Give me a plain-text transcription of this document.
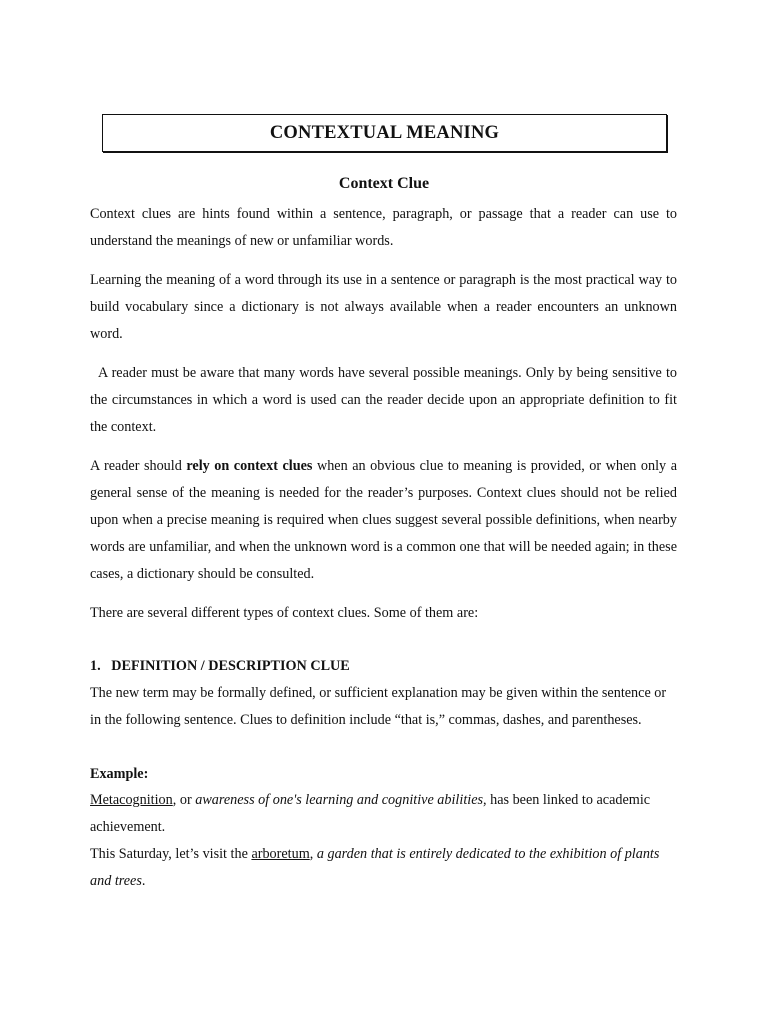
CONTEXTUAL MEANING
Context Clue

Context clues are hints found within a sentence, paragraph, or passage that a reader can use to understand the meanings of new or unfamiliar words.

Learning the meaning of a word through its use in a sentence or paragraph is the most practical way to build vocabulary since a dictionary is not always available when a reader encounters an unknown word.

A reader must be aware that many words have several possible meanings. Only by being sensitive to the circumstances in which a word is used can the reader decide upon an appropriate definition to fit the context.

A reader should rely on context clues when an obvious clue to meaning is provided, or when only a general sense of the meaning is needed for the reader’s purposes. Context clues should not be relied upon when a precise meaning is required when clues suggest several possible definitions, when nearby words are unfamiliar, and when the unknown word is a common one that will be needed again; in these cases, a dictionary should be consulted.

There are several different types of context clues. Some of them are:

1.   DEFINITION / DESCRIPTION CLUE

The new term may be formally defined, or sufficient explanation may be given within the sentence or in the following sentence. Clues to definition include “that is,” commas, dashes, and parentheses.

Example:

Metacognition, or awareness of one's learning and cognitive abilities, has been linked to academic achievement.

This Saturday, let’s visit the arboretum, a garden that is entirely dedicated to the exhibition of plants and trees.
